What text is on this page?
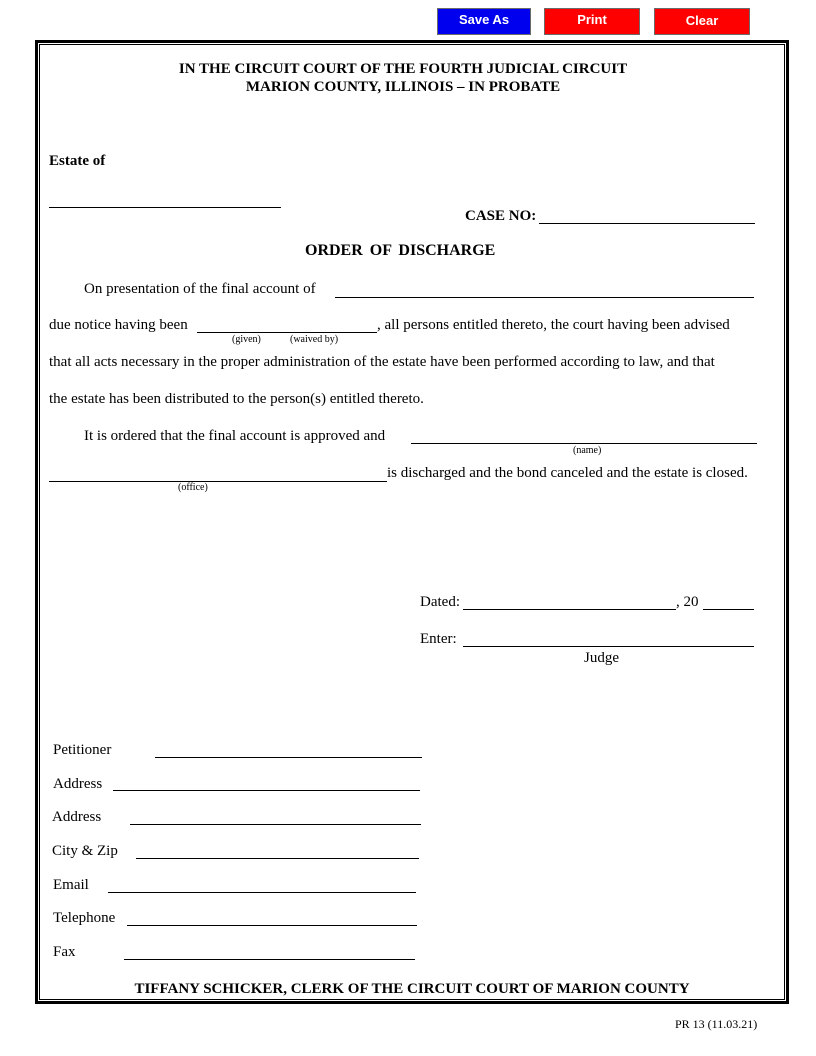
Save As	Print	Clear
IN THE CIRCUIT COURT OF THE FOURTH JUDICIAL CIRCUIT
MARION COUNTY, ILLINOIS – IN PROBATE
Estate of
CASE NO:
ORDER OF DISCHARGE
On presentation of the final account of
due notice having been
(given)	(waived by)
, all persons entitled thereto, the court having been advised
that all acts necessary in the proper administration of the estate have been performed according to law, and that
the estate has been distributed to the person(s) entitled thereto.
It is ordered that the final account is approved and
(name)
(office)
is discharged and the bond canceled and the estate is closed.
Dated:	, 20
Enter:
Judge
Petitioner
Address
Address
City & Zip
Email
Telephone
Fax
TIFFANY SCHICKER, CLERK OF THE CIRCUIT COURT OF MARION COUNTY
PR 13 (11.03.21)
